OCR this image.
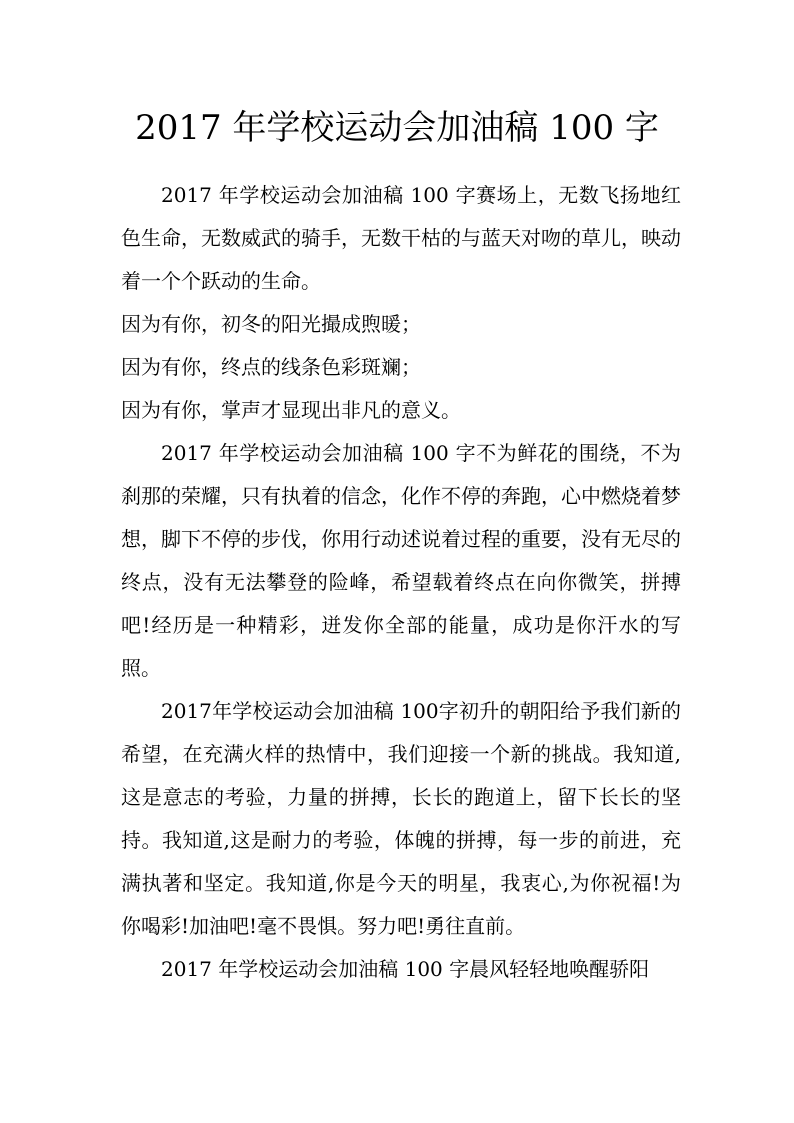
2017 年学校运动会加油稿 100 字

2017 年学校运动会加油稿 100 字赛场上，无数飞扬地红色生命，无数威武的骑手，无数干枯的与蓝天对吻的草儿，映动着一个个跃动的生命。

因为有你，初冬的阳光撮成煦暖；

因为有你，终点的线条色彩斑斓；

因为有你，掌声才显现出非凡的意义。

2017 年学校运动会加油稿 100 字不为鲜花的围绕，不为刹那的荣耀，只有执着的信念，化作不停的奔跑，心中燃烧着梦想，脚下不停的步伐，你用行动述说着过程的重要，没有无尽的终点，没有无法攀登的险峰，希望载着终点在向你微笑，拼搏吧!经历是一种精彩，迸发你全部的能量，成功是你汗水的写照。

2017年学校运动会加油稿 100字初升的朝阳给予我们新的希望，在充满火样的热情中，我们迎接一个新的挑战。我知道,这是意志的考验，力量的拼搏，长长的跑道上，留下长长的坚持。我知道,这是耐力的考验，体魄的拼搏，每一步的前进，充满执著和坚定。我知道,你是今天的明星，我衷心,为你祝福!为你喝彩!加油吧!毫不畏惧。努力吧!勇往直前。

2017 年学校运动会加油稿 100 字晨风轻轻地唤醒骄阳
